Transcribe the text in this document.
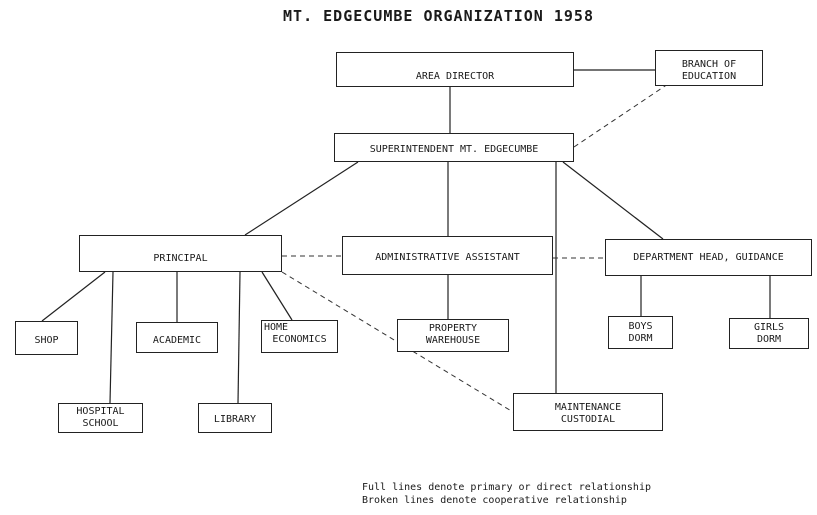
MT. EDGECUMBE ORGANIZATION 1958
AREA DIRECTOR
BRANCH OF
EDUCATION
SUPERINTENDENT MT. EDGECUMBE
PRINCIPAL	ADMINISTRATIVE ASSISTANT	DEPARTMENT HEAD, GUIDANCE
SHOP	ACADEMIC
HOME
ECONOMICS
PROPERTY
WAREHOUSE
BOYS
DORM
GIRLS
DORM
HOSPITAL
SCHOOL	LIBRARY
MAINTENANCE
CUSTODIAL
Full lines denote primary or direct relationship
Broken lines denote cooperative relationship
